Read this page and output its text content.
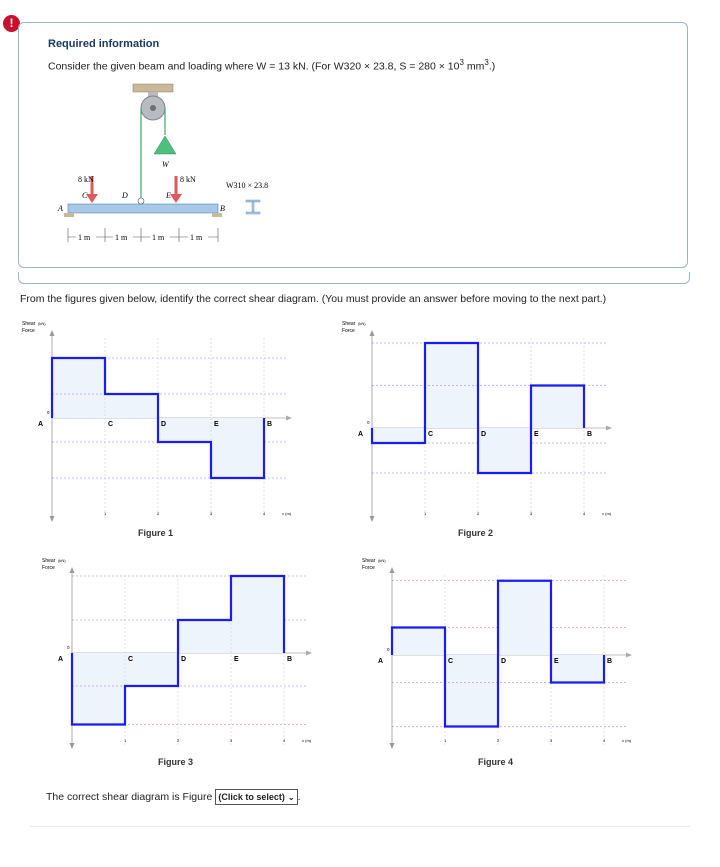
!
Required information
Consider the given beam and loading where W = 13 kN. (For W320 × 23.8, $S = 280 \times 10^3$ $mm^3$.)
W
8 kN	8 kN
A
C	D	E
B
W310 × 23.8
1 m	1 m	1 m	1 m
From the figures given below, identify the correct shear diagram. (You must provide an answer before moving to the next part.)
Shear
Force
(kN)
0
A	C	D	E	B
1	2	3	4	x (m)
Figure 1
Shear
Force
(kN)
0
A	C	D	E	B
1	2	3	4	x (m)
Figure 2
Shear
Force
(kN)
0
A	C	D	E	B
1	2	3	4	x (m)
Figure 3
Shear
Force
(kN)
0
A	C	D	E	B
1	2	3	4	x (m)
Figure 4
The correct shear diagram is Figure (Click to select) ⌄ .
